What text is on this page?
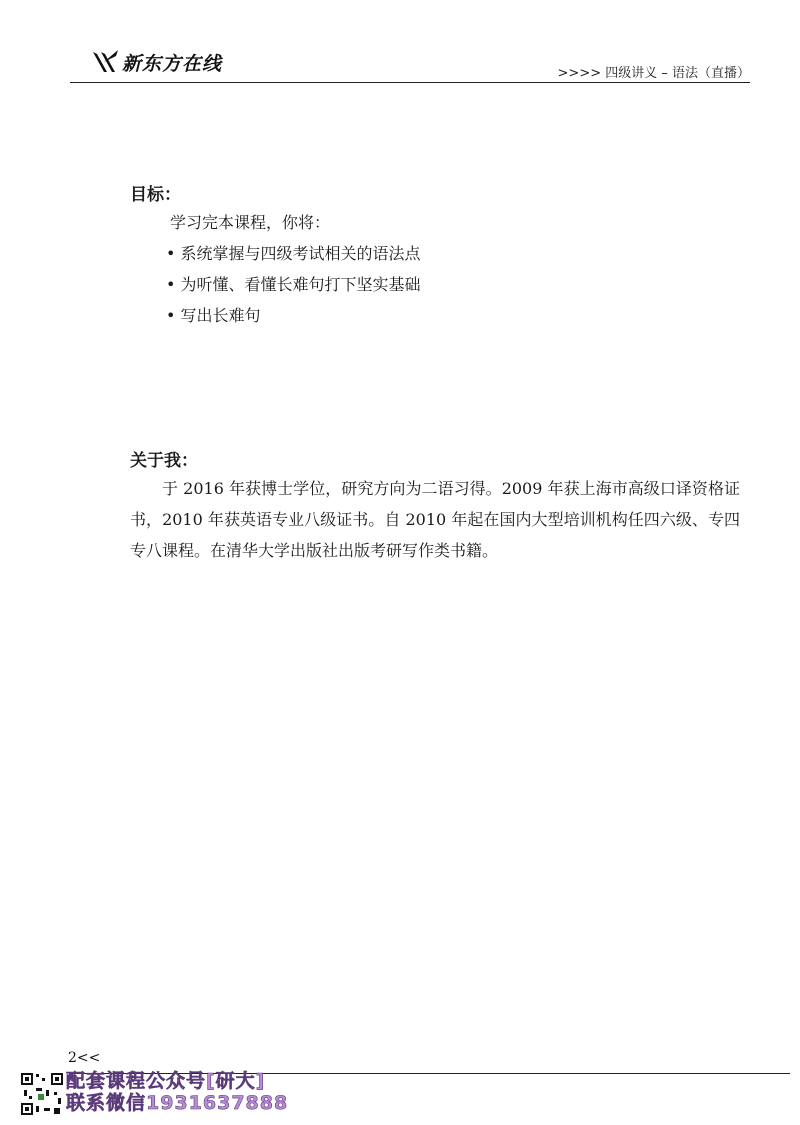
新东方在线	>>>> 四级讲义 – 语法（直播）
目标：
学习完本课程，你将：
• 系统掌握与四级考试相关的语法点
• 为听懂、看懂长难句打下坚实基础
• 写出长难句
关于我：

于 2016 年获博士学位，研究方向为二语习得。2009 年获上海市高级口译资格证书，2010 年获英语专业八级证书。自 2010 年起在国内大型培训机构任四六级、专四专八课程。在清华大学出版社出版考研写作类书籍。

2<<
配套课程公众号[研大]
联系微信1931637888
